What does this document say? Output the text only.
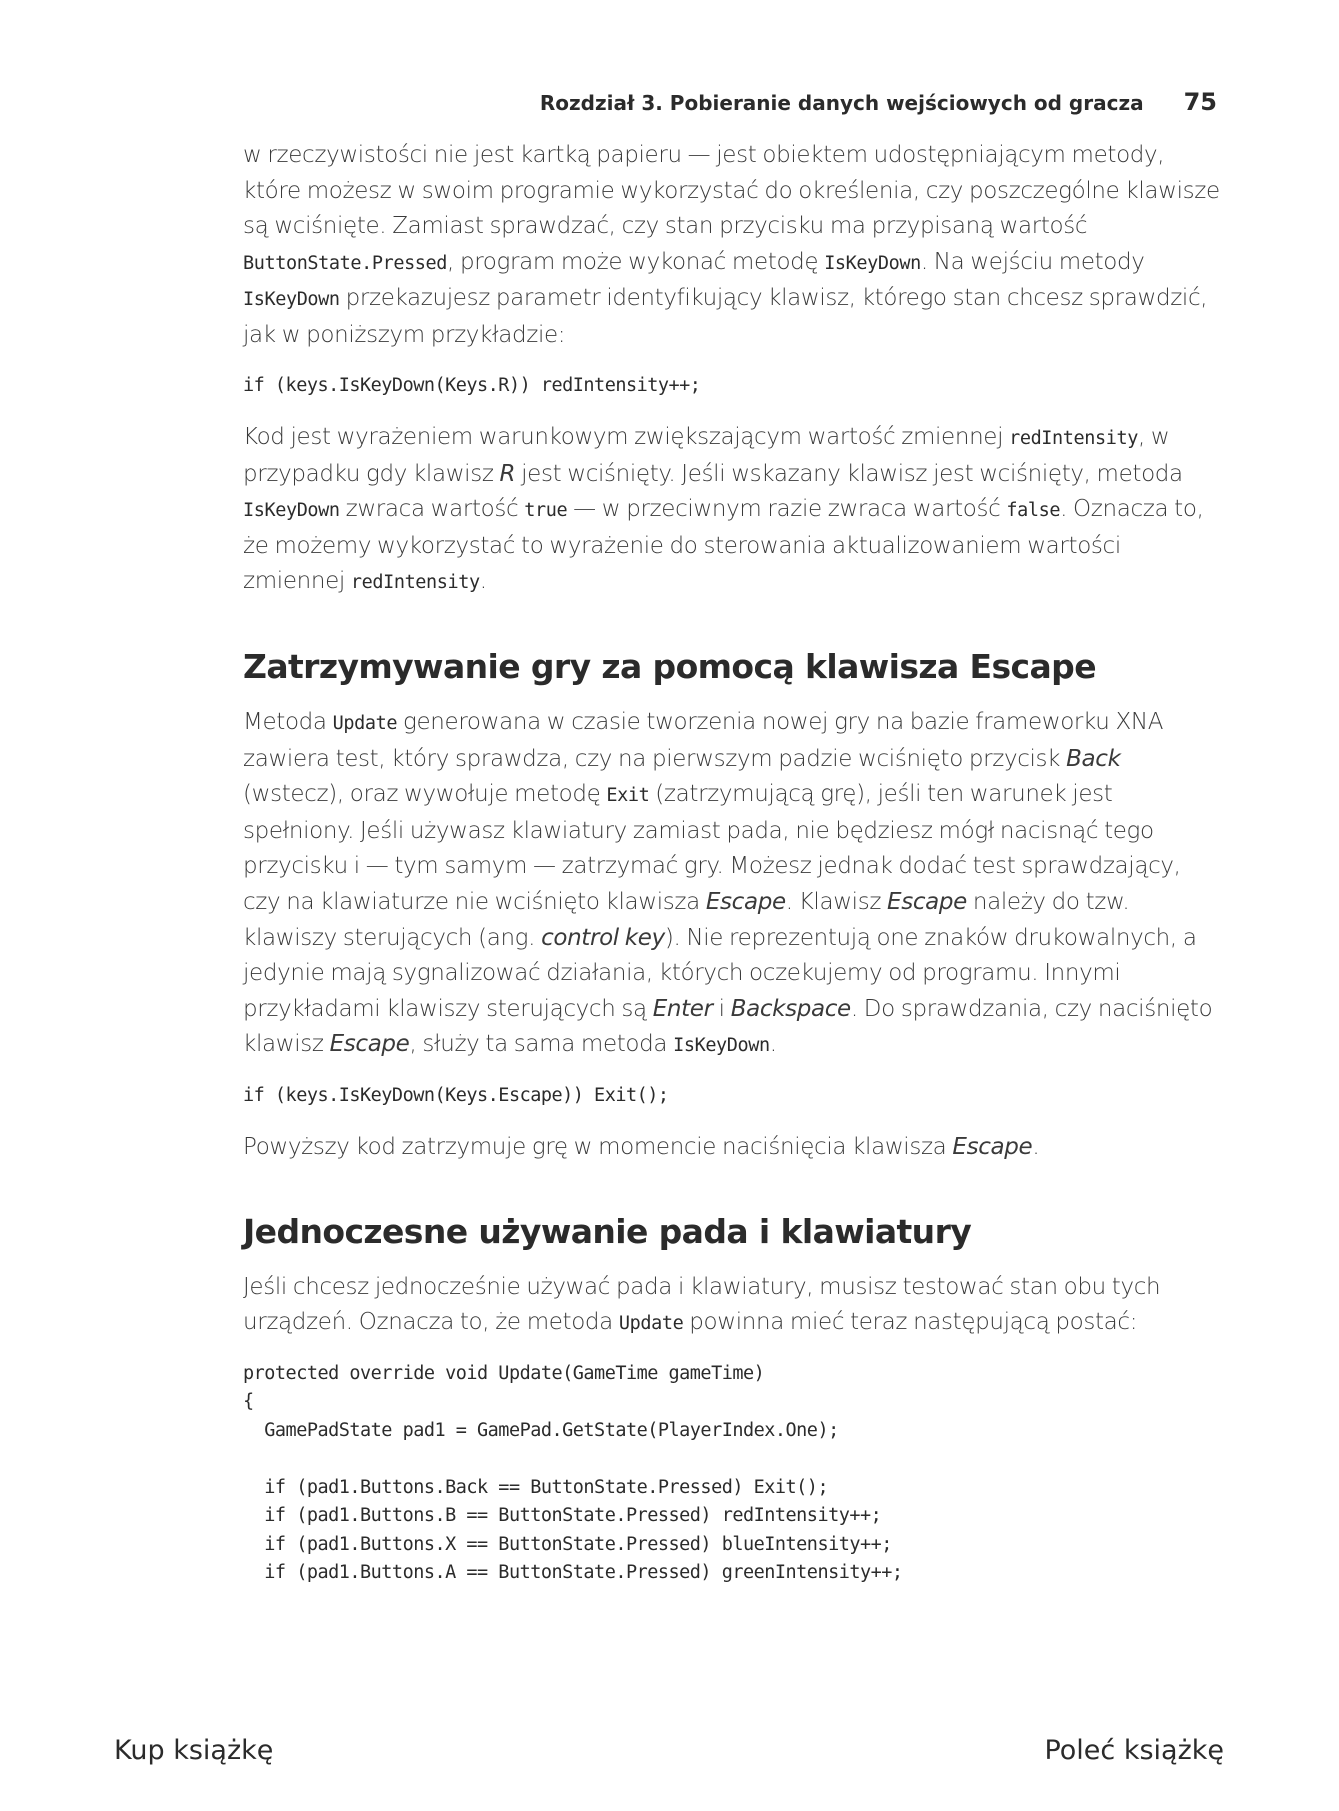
Rozdział 3. Pobieranie danych wejściowych od gracza 75

w rzeczywistości nie jest kartką papieru — jest obiektem udostępniającym metody, które możesz w swoim programie wykorzystać do określenia, czy poszczególne klawisze są wciśnięte. Zamiast sprawdzać, czy stan przycisku ma przypisaną wartość ButtonState.Pressed, program może wykonać metodę IsKeyDown. Na wejściu metody IsKeyDown przekazujesz parametr identyfikujący klawisz, którego stan chcesz sprawdzić, jak w poniższym przykładzie:

if (keys.IsKeyDown(Keys.R)) redIntensity++;

Kod jest wyrażeniem warunkowym zwiększającym wartość zmiennej redIntensity, w przypadku gdy klawisz R jest wciśnięty. Jeśli wskazany klawisz jest wciśnięty, metoda IsKeyDown zwraca wartość true — w przeciwnym razie zwraca wartość false. Oznacza to, że możemy wykorzystać to wyrażenie do sterowania aktualizowaniem wartości zmiennej redIntensity.

Zatrzymywanie gry za pomocą klawisza Escape

Metoda Update generowana w czasie tworzenia nowej gry na bazie frameworku XNA zawiera test, który sprawdza, czy na pierwszym padzie wciśnięto przycisk Back (wstecz), oraz wywołuje metodę Exit (zatrzymującą grę), jeśli ten warunek jest spełniony. Jeśli używasz klawiatury zamiast pada, nie będziesz mógł nacisnąć tego przycisku i — tym samym — zatrzymać gry. Możesz jednak dodać test sprawdzający, czy na klawiaturze nie wciśnięto klawisza Escape. Klawisz Escape należy do tzw. klawiszy sterujących (ang. control key). Nie reprezentują one znaków drukowalnych, a jedynie mają sygnalizować działania, których oczekujemy od programu. Innymi przykładami klawiszy sterujących są Enter i Backspace. Do sprawdzania, czy naciśnięto klawisz Escape, służy ta sama metoda IsKeyDown.

if (keys.IsKeyDown(Keys.Escape)) Exit();

Powyższy kod zatrzymuje grę w momencie naciśnięcia klawisza Escape.

Jednoczesne używanie pada i klawiatury

Jeśli chcesz jednocześnie używać pada i klawiatury, musisz testować stan obu tych urządzeń. Oznacza to, że metoda Update powinna mieć teraz następującą postać:

protected override void Update(GameTime gameTime)
{
GamePadState pad1 = GamePad.GetState(PlayerIndex.One);

if (pad1.Buttons.Back == ButtonState.Pressed) Exit();
if (pad1.Buttons.B == ButtonState.Pressed) redIntensity++;
if (pad1.Buttons.X == ButtonState.Pressed) blueIntensity++;
if (pad1.Buttons.A == ButtonState.Pressed) greenIntensity++;
Kup książkę	Poleć książkę
